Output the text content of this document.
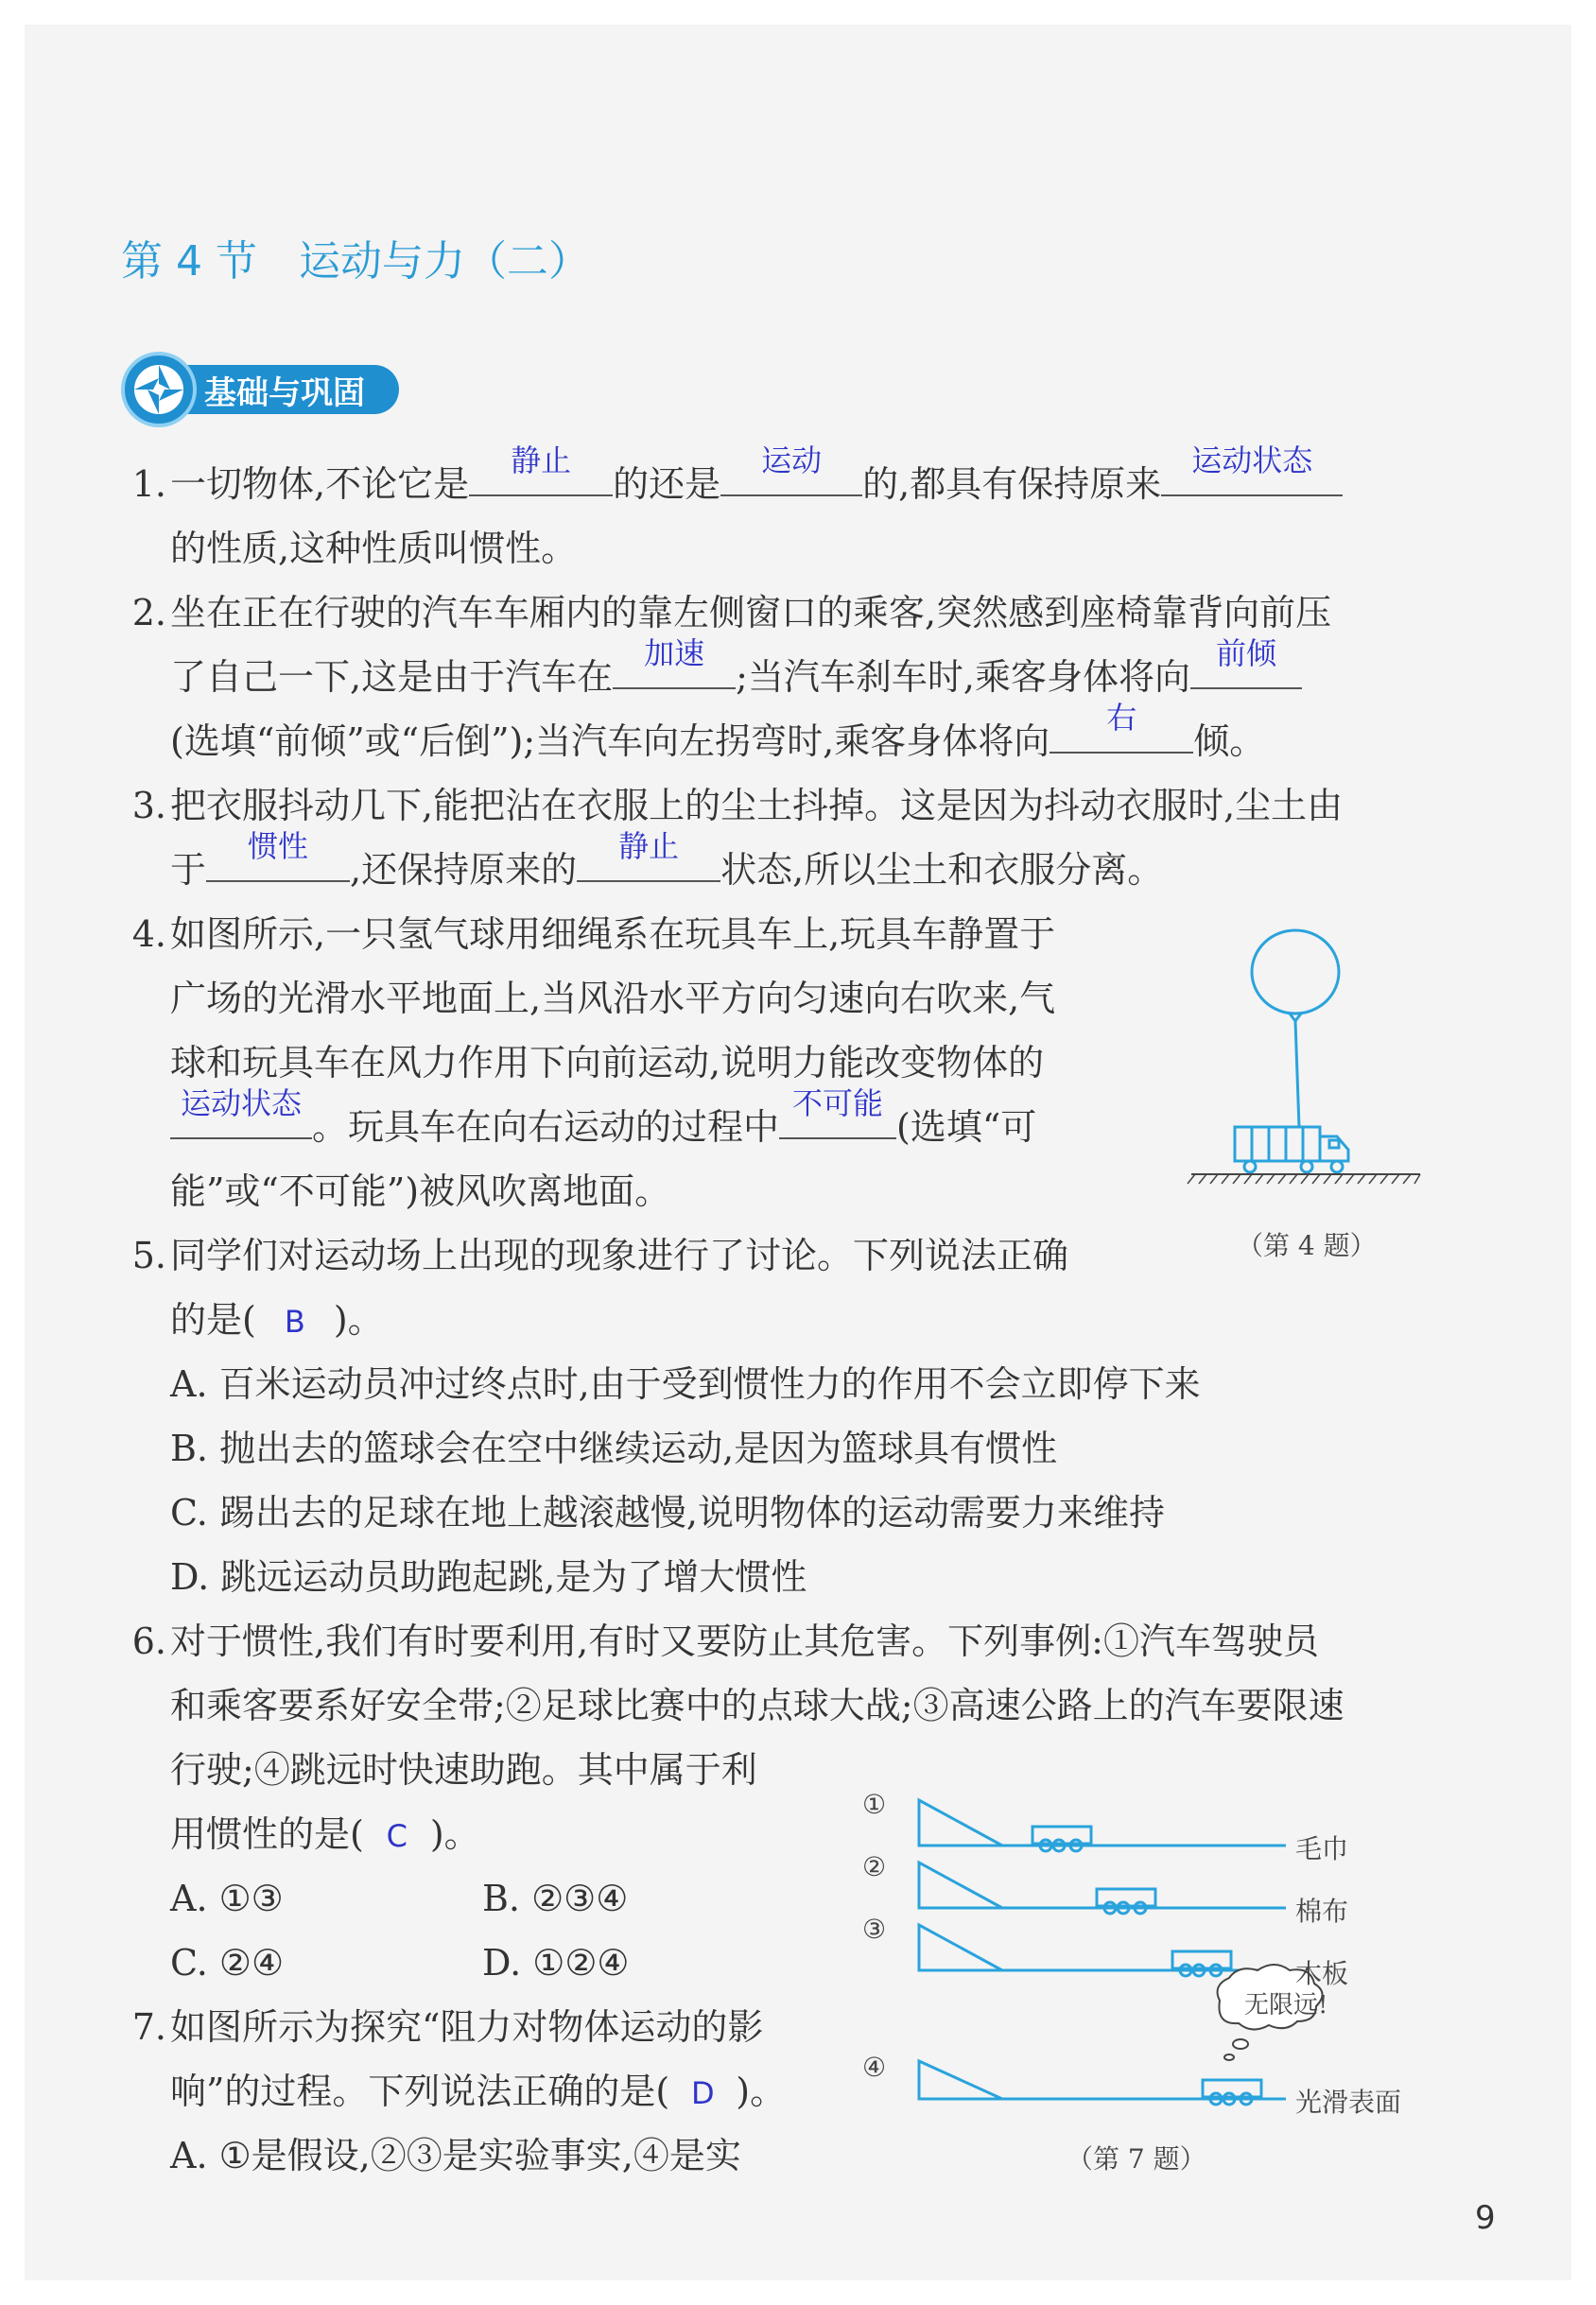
第 4 节　运动与力（二）
基础与巩固
1. 一切物体,不论它是
静止
的还是
运动
的,都具有保持原来
运动状态
的性质,这种性质叫惯性。
2. 坐在正在行驶的汽车车厢内的靠左侧窗口的乘客,突然感到座椅靠背向前压
了自己一下,这是由于汽车在
加速
;当汽车刹车时,乘客身体将向
前倾
(选填“前倾”或“后倒”);当汽车向左拐弯时,乘客身体将向
右
倾。
3. 把衣服抖动几下,能把沾在衣服上的尘土抖掉。这是因为抖动衣服时,尘土由
于
惯性
,还保持原来的
静止
状态,所以尘土和衣服分离。
4. 如图所示,一只氢气球用细绳系在玩具车上,玩具车静置于
广场的光滑水平地面上,当风沿水平方向匀速向右吹来,气
球和玩具车在风力作用下向前运动,说明力能改变物体的
运动状态
。玩具车在向右运动的过程中
不可能
(选填“可
能”或“不可能”)被风吹离地面。
（第 4 题）
5. 同学们对运动场上出现的现象进行了讨论。下列说法正确
的是( B )。
A. 百米运动员冲过终点时,由于受到惯性力的作用不会立即停下来
B. 抛出去的篮球会在空中继续运动,是因为篮球具有惯性
C. 踢出去的足球在地上越滚越慢,说明物体的运动需要力来维持
D. 跳远运动员助跑起跳,是为了增大惯性
6. 对于惯性,我们有时要利用,有时又要防止其危害。下列事例:①汽车驾驶员
和乘客要系好安全带;②足球比赛中的点球大战;③高速公路上的汽车要限速
行驶;④跳远时快速助跑。其中属于利
用惯性的是( C )。
A. ①③	B. ②③④
C. ②④	D. ①②④
7. 如图所示为探究“阻力对物体运动的影
响”的过程。下列说法正确的是( D )。
A. ①是假设,②③是实验事实,④是实
①
②
③
④
毛巾
棉布
木板
光滑表面
无限远!
（第 7 题）
9
